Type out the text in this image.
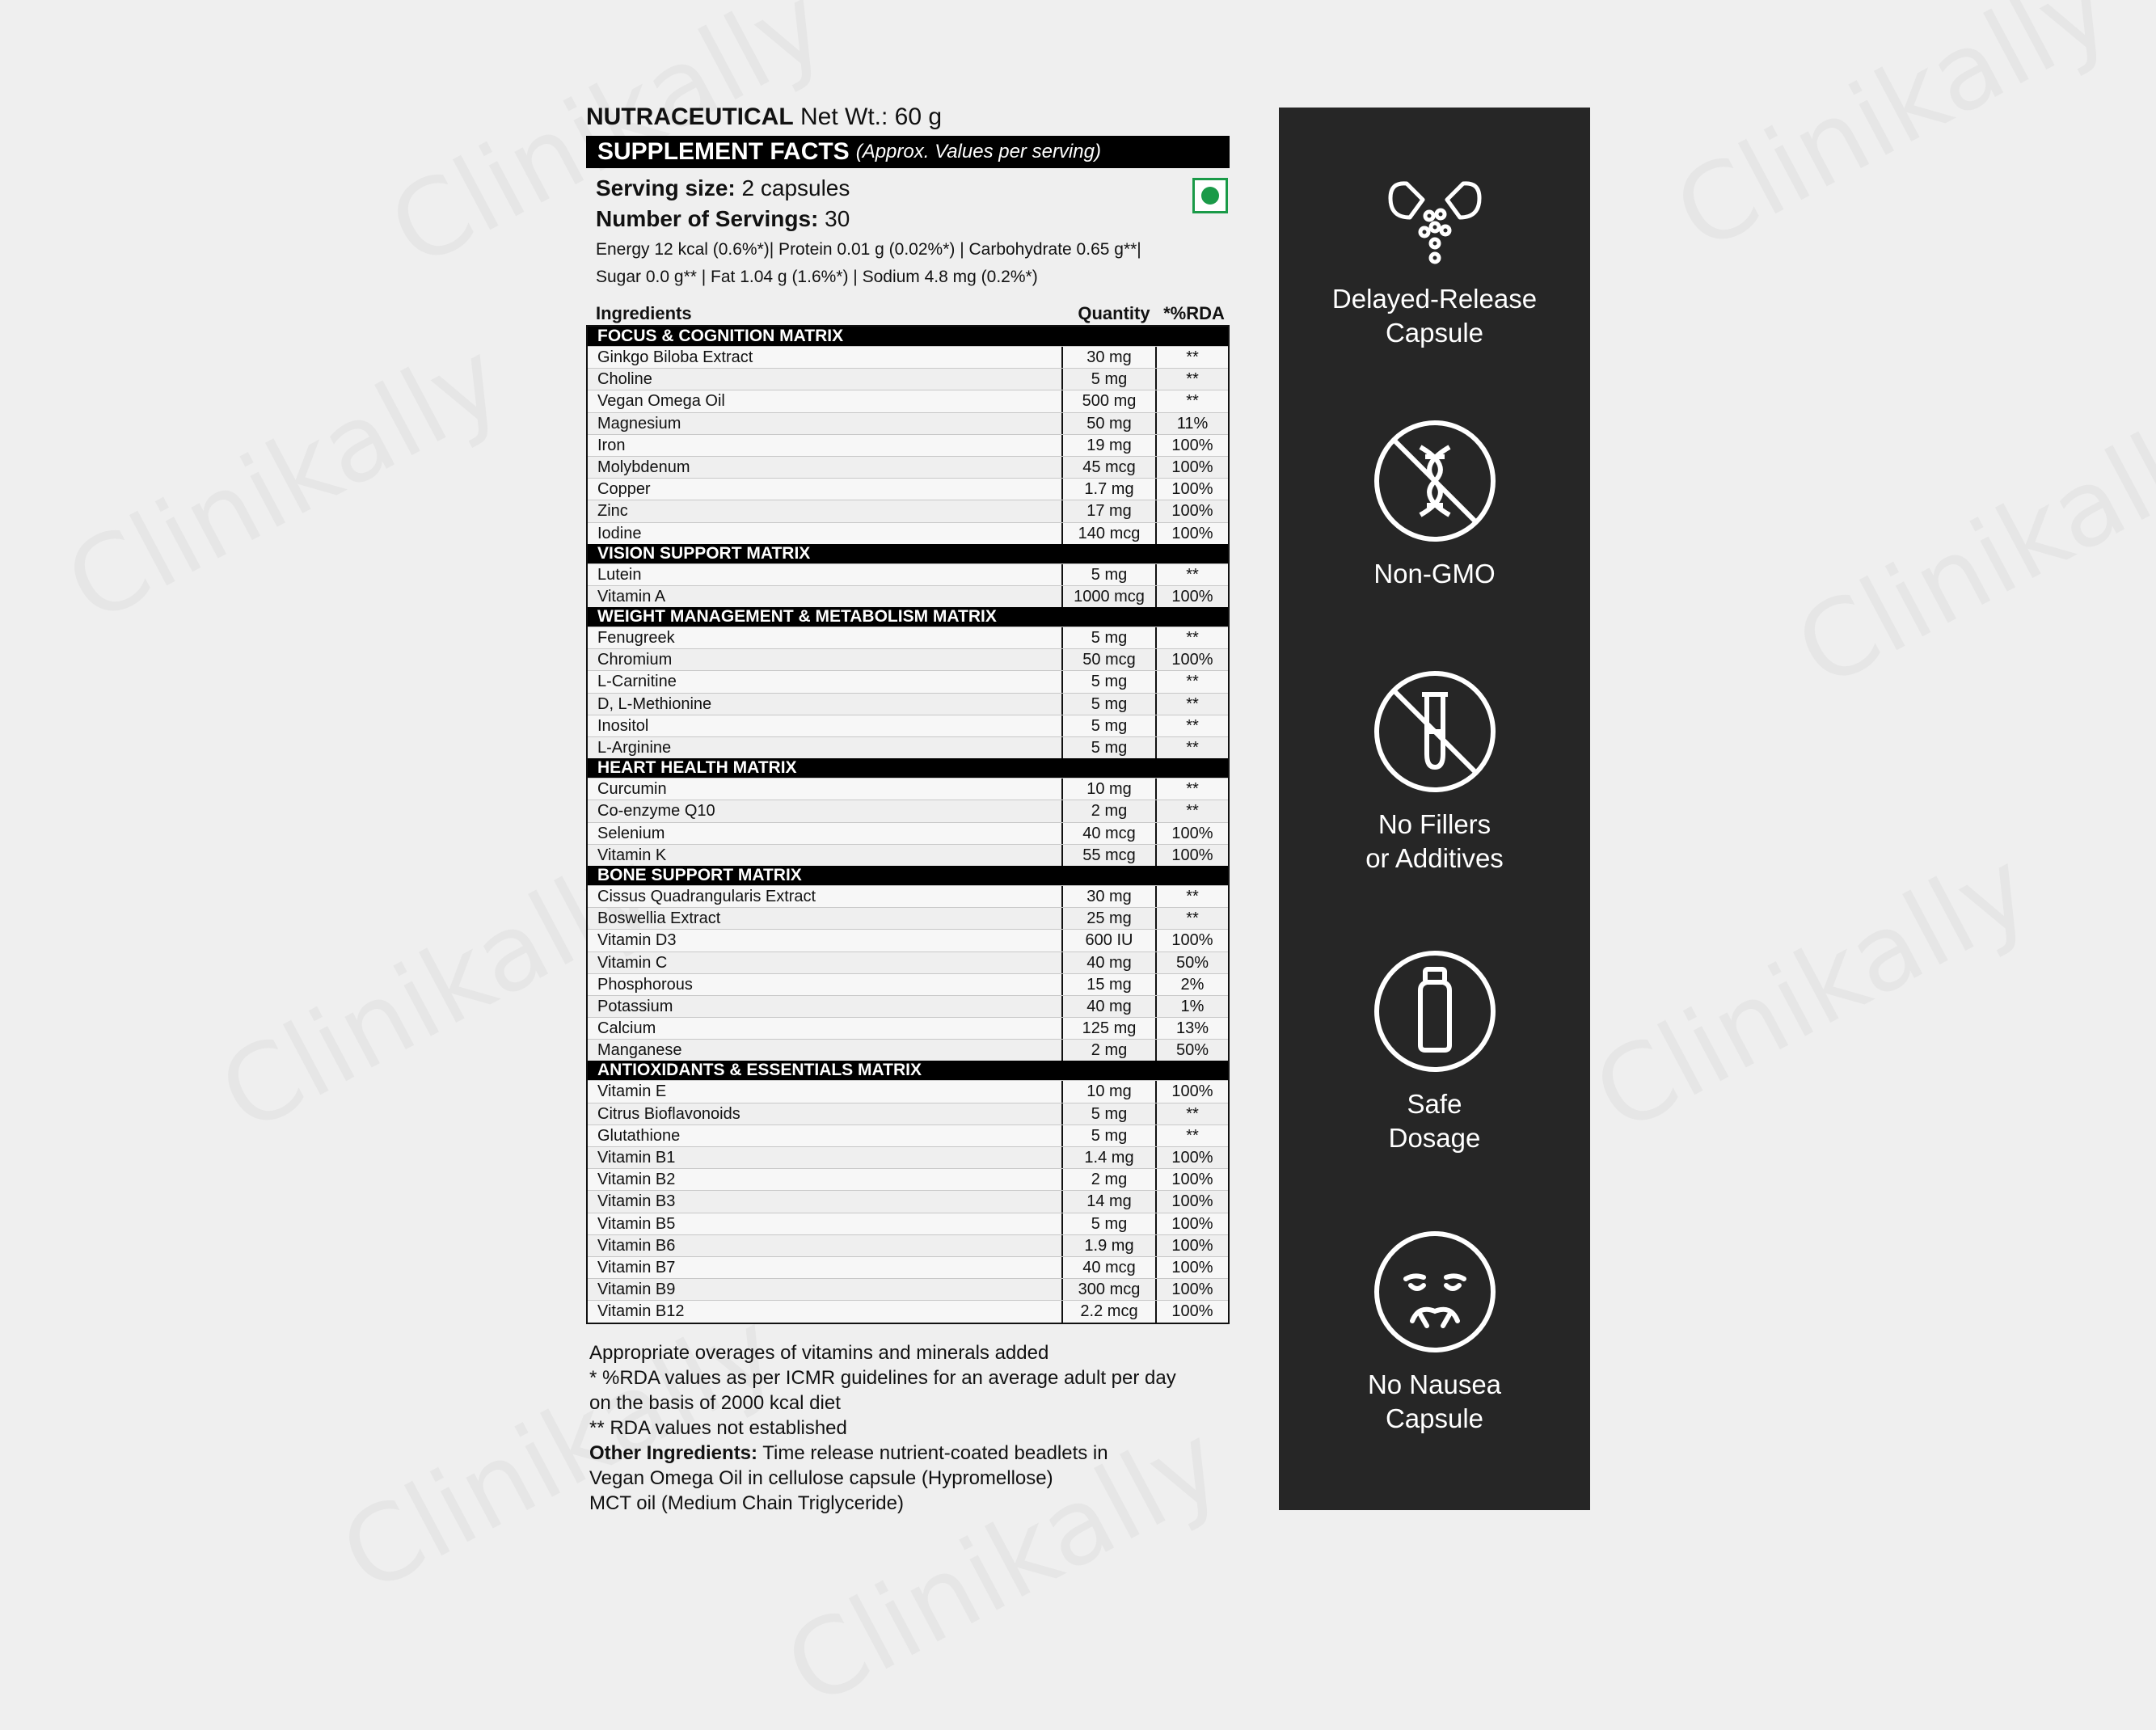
NUTRACEUTICAL Net Wt.: 60 g
SUPPLEMENT FACTS (Approx. Values per serving)
Serving size: 2 capsules
Number of Servings: 30
Energy 12 kcal (0.6%*)| Protein 0.01 g (0.02%*) | Carbohydrate 0.65 g**|
Sugar 0.0 g** | Fat 1.04 g (1.6%*) | Sodium 4.8 mg (0.2%*)
Ingredients	Quantity *%RDA
FOCUS & COGNITION MATRIX
Ginkgo Biloba Extract	30 mg	**
Choline	5 mg	**
Vegan Omega Oil	500 mg	**
Magnesium	50 mg	11%
Iron	19 mg	100%
Molybdenum	45 mcg	100%
Copper	1.7 mg	100%
Zinc	17 mg	100%
Iodine	140 mcg	100%
VISION SUPPORT MATRIX
Lutein	5 mg	**
Vitamin A	1000 mcg	100%
WEIGHT MANAGEMENT & METABOLISM MATRIX
Fenugreek	5 mg	**
Chromium	50 mcg	100%
L-Carnitine	5 mg	**
D, L-Methionine	5 mg	**
Inositol	5 mg	**
L-Arginine	5 mg	**
HEART HEALTH MATRIX
Curcumin	10 mg	**
Co-enzyme Q10	2 mg	**
Selenium	40 mcg	100%
Vitamin K	55 mcg	100%
BONE SUPPORT MATRIX
Cissus Quadrangularis Extract	30 mg	**
Boswellia Extract	25 mg	**
Vitamin D3	600 IU	100%
Vitamin C	40 mg	50%
Phosphorous	15 mg	2%
Potassium	40 mg	1%
Calcium	125 mg	13%
Manganese	2 mg	50%
ANTIOXIDANTS & ESSENTIALS MATRIX
Vitamin E	10 mg	100%
Citrus Bioflavonoids	5 mg	**
Glutathione	5 mg	**
Vitamin B1	1.4 mg	100%
Vitamin B2	2 mg	100%
Vitamin B3	14 mg	100%
Vitamin B5	5 mg	100%
Vitamin B6	1.9 mg	100%
Vitamin B7	40 mcg	100%
Vitamin B9	300 mcg	100%
Vitamin B12	2.2 mcg	100%
Appropriate overages of vitamins and minerals added
* %RDA values as per ICMR guidelines for an average adult per day
on the basis of 2000 kcal diet
** RDA values not established
Other Ingredients: Time release nutrient-coated beadlets in
Vegan Omega Oil in cellulose capsule (Hypromellose)
MCT oil (Medium Chain Triglyceride)
Delayed-Release
Capsule
Non-GMO
No Fillers
or Additives
Safe
Dosage
No Nausea
Capsule
